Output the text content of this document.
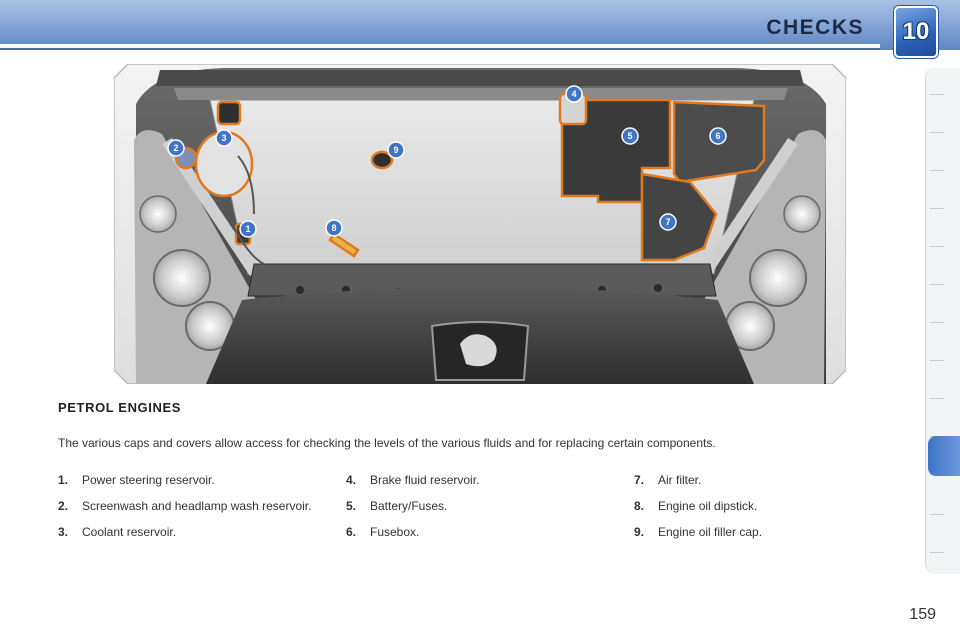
CHECKS 10
1
2
3
4
5	6
7
8
9
PETROL ENGINES
The various caps and covers allow access for checking the levels of the various fluids and for replacing certain components.
1.	Power steering reservoir.
2.	Screenwash and headlamp wash reservoir.
3.	Coolant reservoir.
4.	Brake fluid reservoir.
5.	Battery/Fuses.
6.	Fusebox.
7.	Air filter.
8.	Engine oil dipstick.
9.	Engine oil filler cap.
159
